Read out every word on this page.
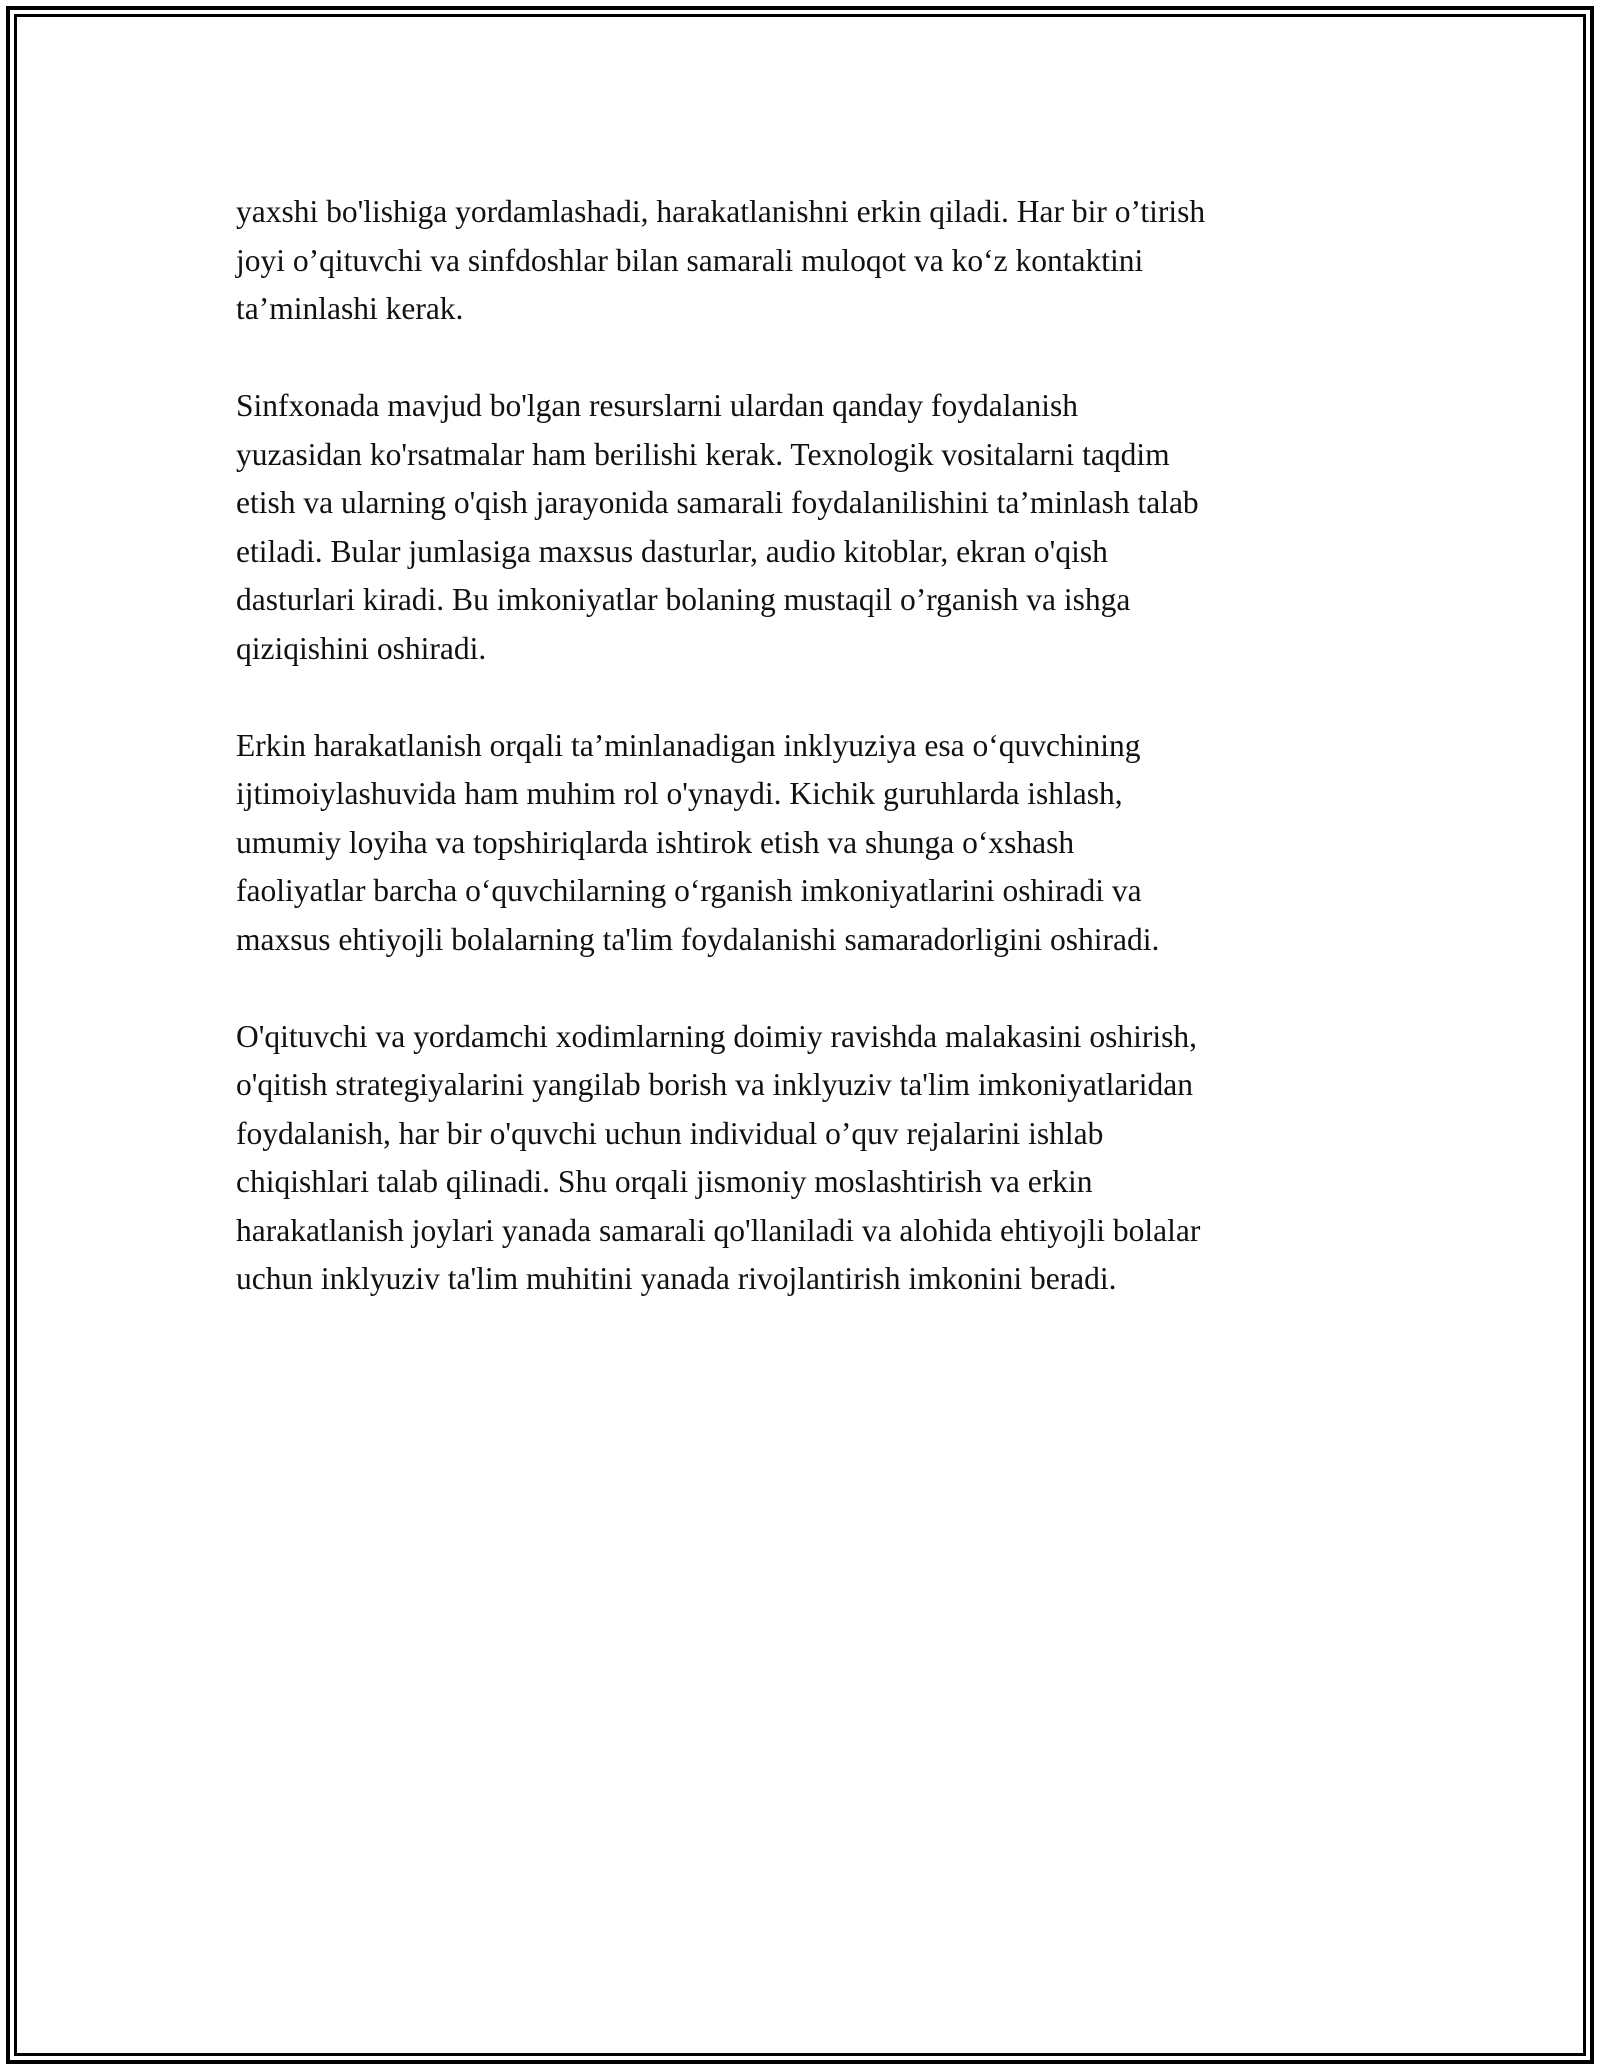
yaxshi bo'lishiga yordamlashadi, harakatlanishni erkin qiladi. Har bir o’tirish
joyi o’qituvchi va sinfdoshlar bilan samarali muloqot va ko‘z kontaktini
ta’minlashi kerak.

Sinfxonada mavjud bo'lgan resurslarni ulardan qanday foydalanish
yuzasidan ko'rsatmalar ham berilishi kerak. Texnologik vositalarni taqdim
etish va ularning o'qish jarayonida samarali foydalanilishini ta’minlash talab
etiladi. Bular jumlasiga maxsus dasturlar, audio kitoblar, ekran o'qish
dasturlari kiradi. Bu imkoniyatlar bolaning mustaqil o’rganish va ishga
qiziqishini oshiradi.

Erkin harakatlanish orqali ta’minlanadigan inklyuziya esa o‘quvchining
ijtimoiylashuvida ham muhim rol o'ynaydi. Kichik guruhlarda ishlash,
umumiy loyiha va topshiriqlarda ishtirok etish va shunga o‘xshash
faoliyatlar barcha o‘quvchilarning o‘rganish imkoniyatlarini oshiradi va
maxsus ehtiyojli bolalarning ta'lim foydalanishi samaradorligini oshiradi.

O'qituvchi va yordamchi xodimlarning doimiy ravishda malakasini oshirish,
o'qitish strategiyalarini yangilab borish va inklyuziv ta'lim imkoniyatlaridan
foydalanish, har bir o'quvchi uchun individual o’quv rejalarini ishlab
chiqishlari talab qilinadi. Shu orqali jismoniy moslashtirish va erkin
harakatlanish joylari yanada samarali qo'llaniladi va alohida ehtiyojli bolalar
uchun inklyuziv ta'lim muhitini yanada rivojlantirish imkonini beradi.
